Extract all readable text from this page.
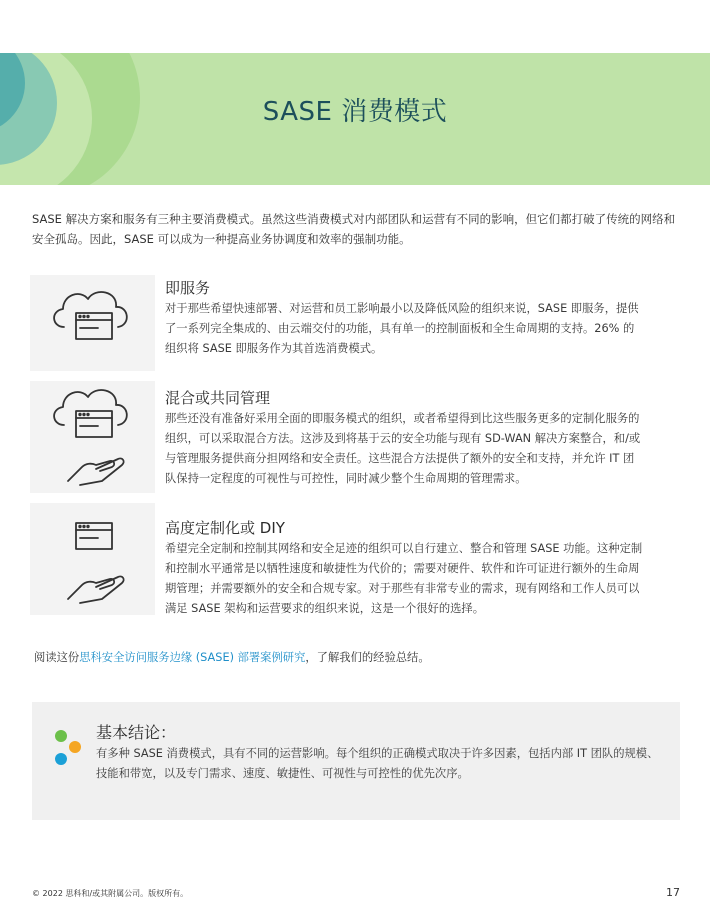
SASE 消费模式
SASE 解决方案和服务有三种主要消费模式。虽然这些消费模式对内部团队和运营有不同的影响，但它们都打破了传统的网络和安全孤岛。因此，SASE 可以成为一种提高业务协调度和效率的强制功能。
即服务
对于那些希望快速部署、对运营和员工影响最小以及降低风险的组织来说，SASE 即服务，提供了一系列完全集成的、由云端交付的功能，具有单一的控制面板和全生命周期的支持。26% 的组织将 SASE 即服务作为其首选消费模式。
混合或共同管理
那些还没有准备好采用全面的即服务模式的组织，或者希望得到比这些服务更多的定制化服务的组织，可以采取混合方法。这涉及到将基于云的安全功能与现有 SD-WAN 解决方案整合，和/或与管理服务提供商分担网络和安全责任。这些混合方法提供了额外的安全和支持，并允许 IT 团队保持一定程度的可视性与可控性，同时减少整个生命周期的管理需求。
高度定制化或 DIY
希望完全定制和控制其网络和安全足迹的组织可以自行建立、整合和管理 SASE 功能。这种定制和控制水平通常是以牺牲速度和敏捷性为代价的；需要对硬件、软件和许可证进行额外的生命周期管理；并需要额外的安全和合规专家。对于那些有非常专业的需求，现有网络和工作人员可以满足 SASE 架构和运营要求的组织来说，这是一个很好的选择。
阅读这份思科安全访问服务边缘 (SASE) 部署案例研究，了解我们的经验总结。
基本结论：
有多种 SASE 消费模式，具有不同的运营影响。每个组织的正确模式取决于许多因素，包括内部 IT 团队的规模、技能和带宽，以及专门需求、速度、敏捷性、可视性与可控性的优先次序。
© 2022 思科和/或其附属公司。版权所有。	17
